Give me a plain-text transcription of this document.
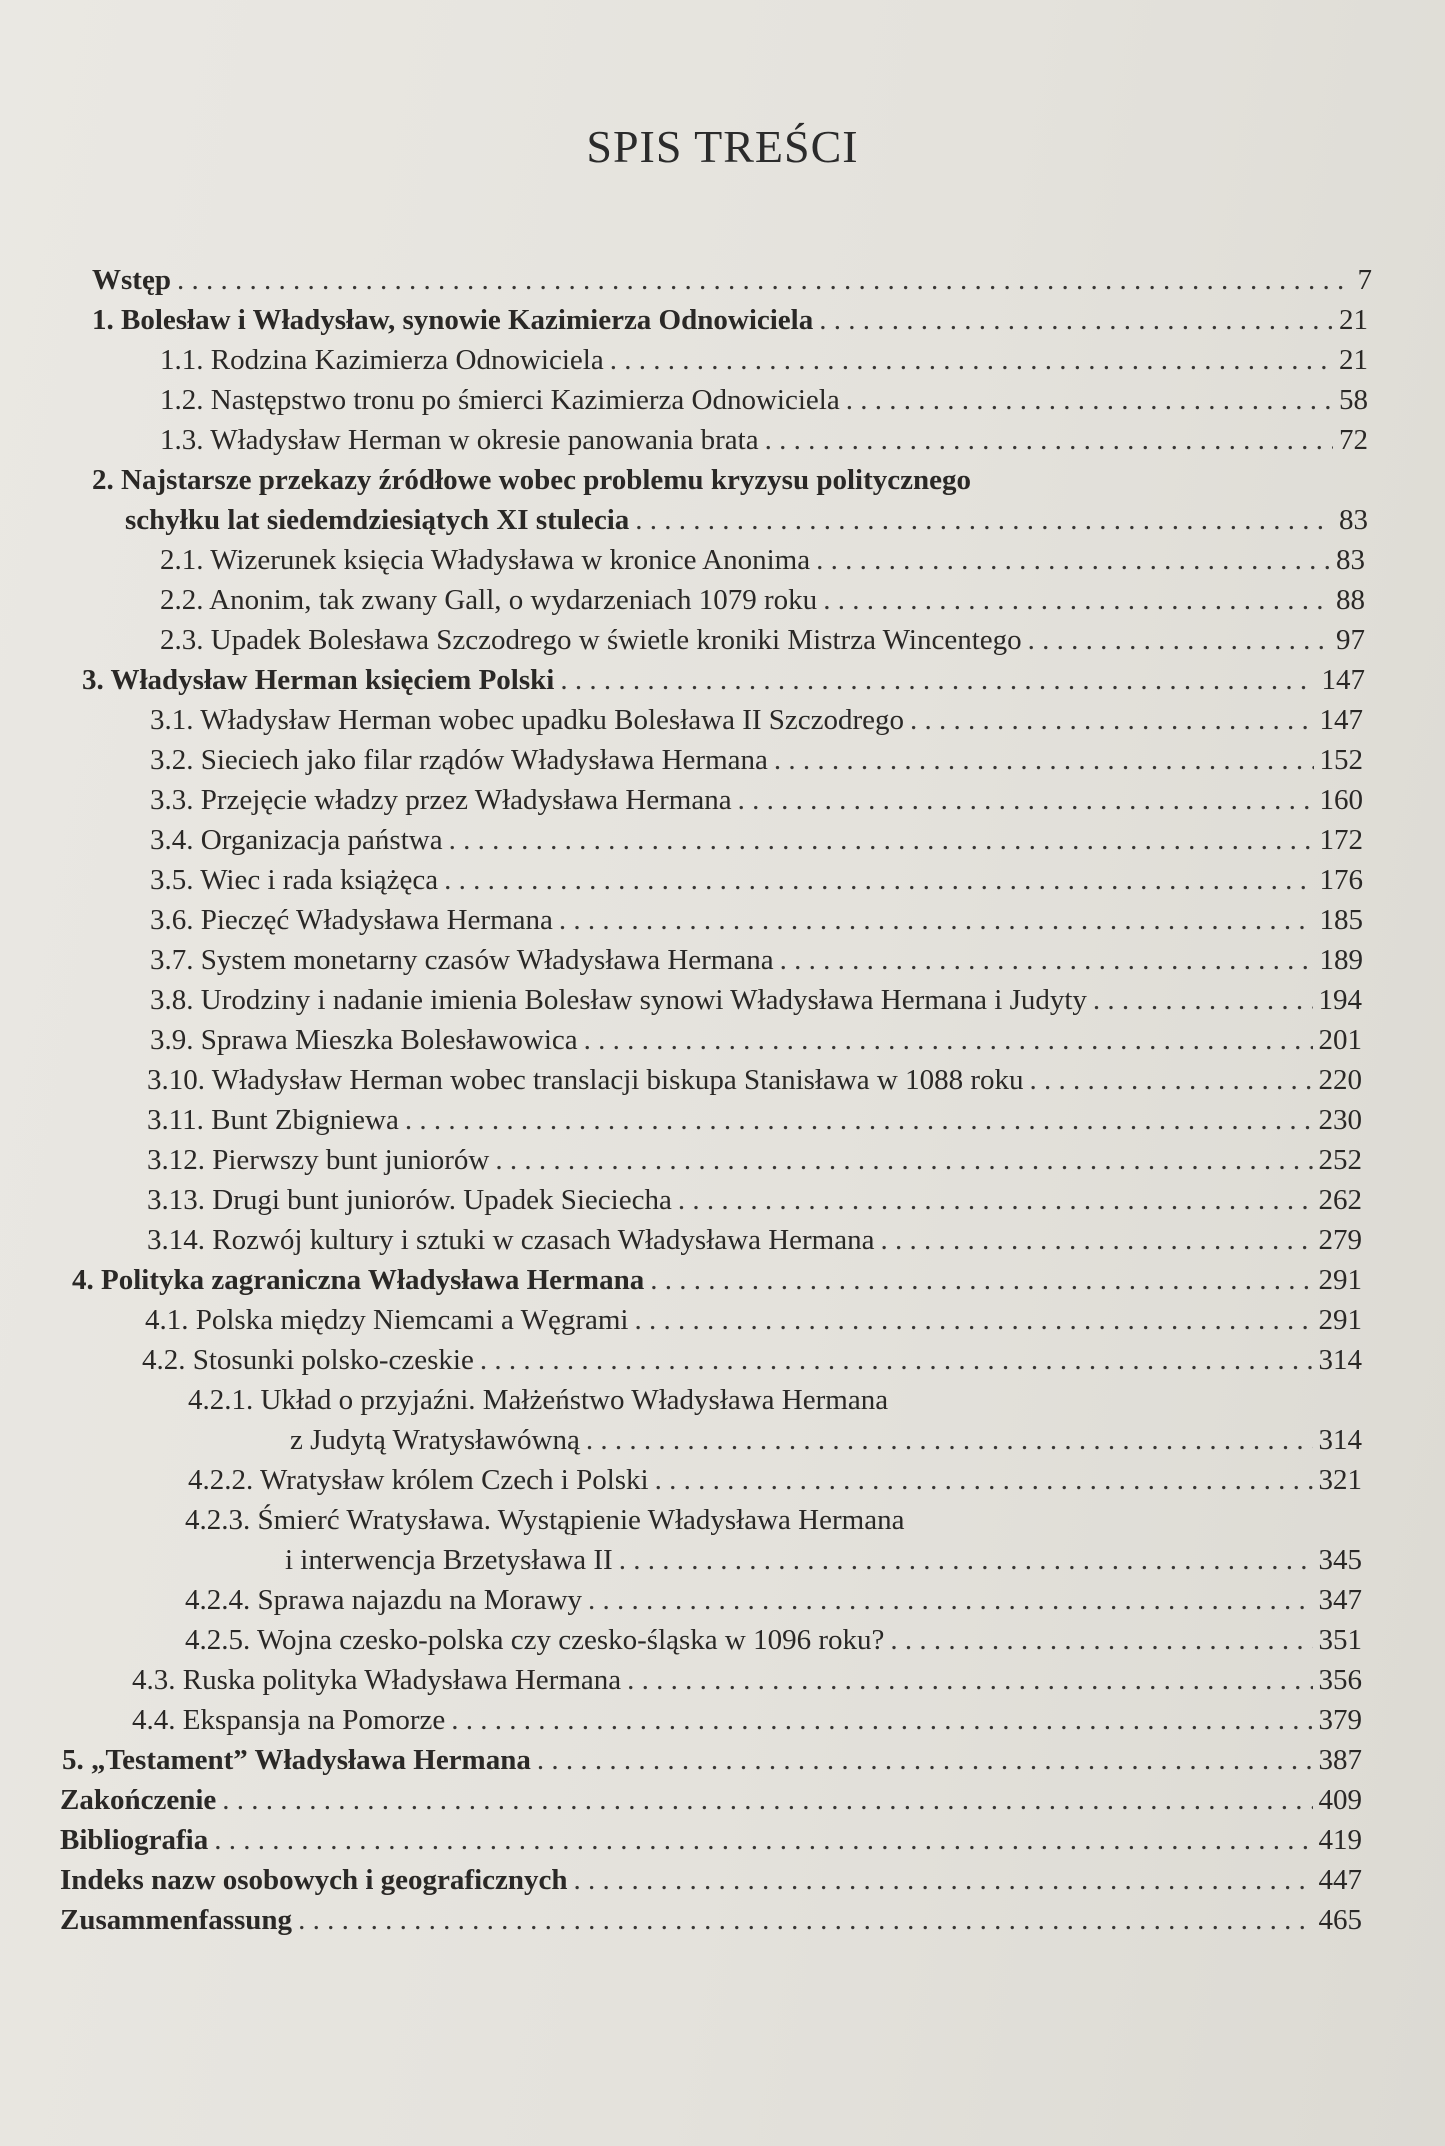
SPIS TREŚCI
Wstęp . . .	7
1. Bolesław i Władysław, synowie Kazimierza Odnowiciela . . .	21
1.1. Rodzina Kazimierza Odnowiciela . . .	21
1.2. Następstwo tronu po śmierci Kazimierza Odnowiciela . . .	58
1.3. Władysław Herman w okresie panowania brata . . .	72
2. Najstarsze przekazy źródłowe wobec problemu kryzysu politycznego
schyłku lat siedemdziesiątych XI stulecia . . .	83
2.1. Wizerunek księcia Władysława w kronice Anonima . . .	83
2.2. Anonim, tak zwany Gall, o wydarzeniach 1079 roku . . .	88
2.3. Upadek Bolesława Szczodrego w świetle kroniki Mistrza Wincentego . . .	97
3. Władysław Herman księciem Polski . . .	147
3.1. Władysław Herman wobec upadku Bolesława II Szczodrego . . .	147
3.2. Sieciech jako filar rządów Władysława Hermana . . .	152
3.3. Przejęcie władzy przez Władysława Hermana . . .	160
3.4. Organizacja państwa . . .	172
3.5. Wiec i rada książęca . . .	176
3.6. Pieczęć Władysława Hermana . . .	185
3.7. System monetarny czasów Władysława Hermana . . .	189
3.8. Urodziny i nadanie imienia Bolesław synowi Władysława Hermana i Judyty . . .	194
3.9. Sprawa Mieszka Bolesławowica . . .	201
3.10. Władysław Herman wobec translacji biskupa Stanisława w 1088 roku . . .	220
3.11. Bunt Zbigniewa . . .	230
3.12. Pierwszy bunt juniorów . . .	252
3.13. Drugi bunt juniorów. Upadek Sieciecha . . .	262
3.14. Rozwój kultury i sztuki w czasach Władysława Hermana . . .	279
4. Polityka zagraniczna Władysława Hermana . . .	291
4.1. Polska między Niemcami a Węgrami . . .	291
4.2. Stosunki polsko-czeskie . . .	314
4.2.1. Układ o przyjaźni. Małżeństwo Władysława Hermana
z Judytą Wratysławówną . . .	314
4.2.2. Wratysław królem Czech i Polski . . .	321
4.2.3. Śmierć Wratysława. Wystąpienie Władysława Hermana
i interwencja Brzetysława II . . .	345
4.2.4. Sprawa najazdu na Morawy . . .	347
4.2.5. Wojna czesko-polska czy czesko-śląska w 1096 roku? . . .	351
4.3. Ruska polityka Władysława Hermana . . .	356
4.4. Ekspansja na Pomorze . . .	379
5. „Testament” Władysława Hermana . . .	387
Zakończenie . . .	409
Bibliografia . . .	419
Indeks nazw osobowych i geograficznych . . .	447
Zusammenfassung . . .	465
